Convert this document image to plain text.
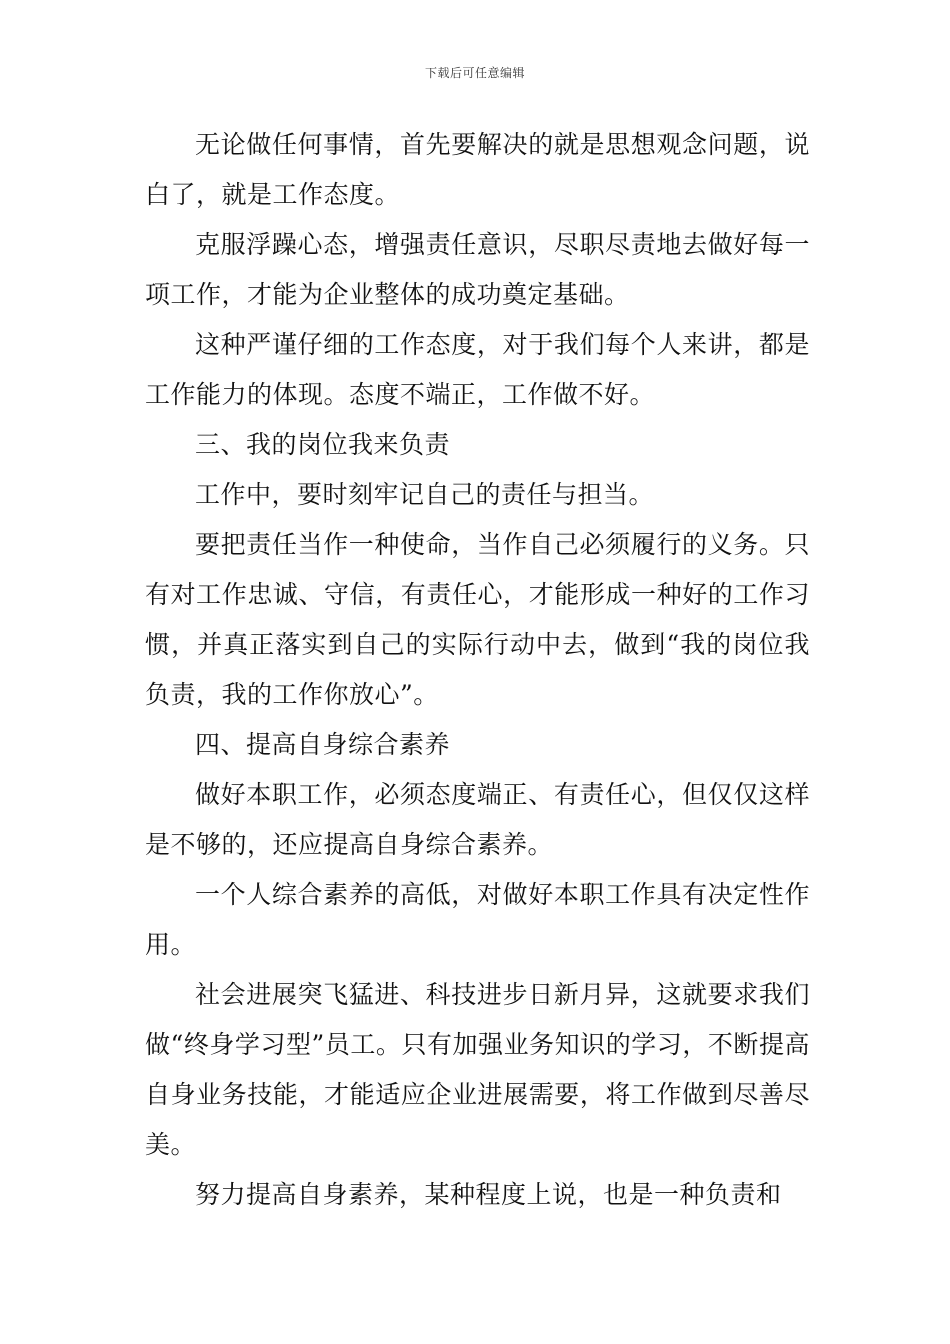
下载后可任意编辑

无论做任何事情，首先要解决的就是思想观念问题，说白了，就是工作态度。

克服浮躁心态，增强责任意识，尽职尽责地去做好每一项工作，才能为企业整体的成功奠定基础。

这种严谨仔细的工作态度，对于我们每个人来讲，都是工作能力的体现。态度不端正，工作做不好。

三、我的岗位我来负责

工作中，要时刻牢记自己的责任与担当。

要把责任当作一种使命，当作自己必须履行的义务。只有对工作忠诚、守信，有责任心，才能形成一种好的工作习惯，并真正落实到自己的实际行动中去，做到“我的岗位我负责，我的工作你放心”。

四、提高自身综合素养

做好本职工作，必须态度端正、有责任心，但仅仅这样是不够的，还应提高自身综合素养。

一个人综合素养的高低，对做好本职工作具有决定性作用。

社会进展突飞猛进、科技进步日新月异，这就要求我们做“终身学习型”员工。只有加强业务知识的学习，不断提高自身业务技能，才能适应企业进展需要，将工作做到尽善尽美。

努力提高自身素养，某种程度上说，也是一种负责和
